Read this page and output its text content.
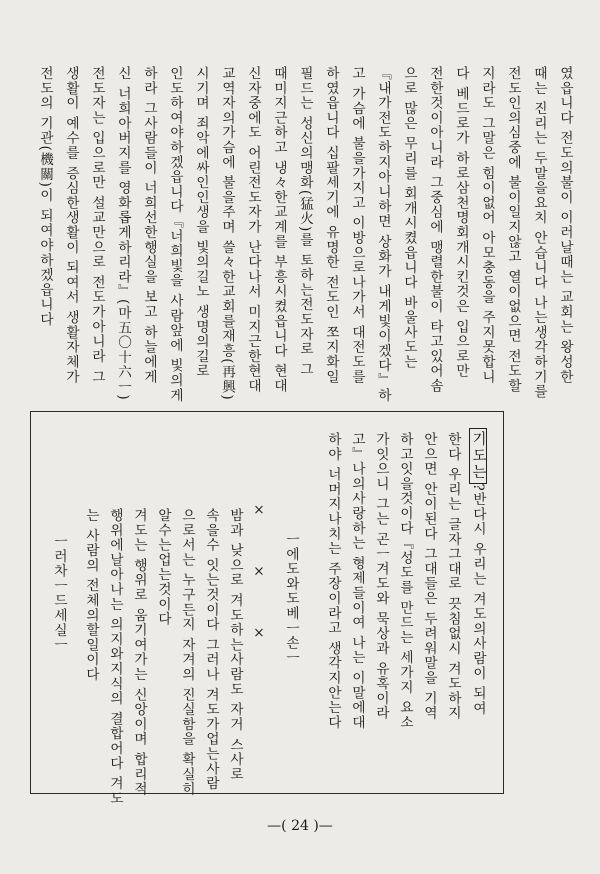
였읍니다 전도의불이 이러날때는 교회는 왕성한
때는 진리는 두말을요치 안습니다 나는생각하기를
전도인의심중에 불이일지않고 열이없으면 전도할
지라도 그말은 힘이없어 아모충동을 주지못합니
다 베드로가 하로삼천명회개시킨것은 입으로만
전한것이아니라 그중심에 맹렬한불이 타고있어솜
으로 많은 무리를 회개시켰읍니다 바울사도는
『내가전도하지아니하면 상화가 내게빛이겠다』하
고 가슴에 불을가지고 이방으로나가서 대전도를
하였읍니다 십팔세기에 유명한 전도인 쪼지화일
필드는 성신의맹화(猛火)를 토하는전도자로 그
때미지근하고 냉々한교계를 부흥시켰읍니다 현대
신자중에도 어린전도자가 난다나서 미지근한현대
교역자의가슴에 불을주며 쓸々한교회를재흥(再興)
시기며 죄악에싸인인생을 빛의길노 생명의길로
인도하여야하겠읍니다『너희빛을 사람앞에 빛의게
하라 그사람들이 너희선한행실을 보고 하늘에게
신 너희아버지를 영화롭게하리라』(마五〇十六ㅡ)
전도자는 입으로만 설교만으로 전도가아니라 그
생활이 예수를 증심한생활이 되여서 생활자체가
전도의 기관(機關)이 되여야하겠읍니다
기도는?반다시 우리는 겨도의사람이 되여
한다 우리는 글자그대로 끗침없시 겨도하지
안으면 안이된다 그대들은 두려워말을 기역
하고잇을것이다『성도를 만드는 세가지 요소
가잇으니 그는 곤ㅡ겨도와 묵상과 유혹이라
고』나의사랑하는 형제들이여 나는 이말에대
하야 너머지나치는 주장이라고 생각지안는다
ㅡ에도와도베ㅡ손ㅡ
×　　　×　　　×
밤과 낮으로 겨도하는사람도 자거 스사로
속을수 잇는것이다 그러나 겨도가업는사람
으로서는 누구든지 자겨의 진실함을 확실히
알수는업는것이다
겨도는 행위로 움기여가는 신앙이며 합리적
행위에날아나는 의지와지식의 결합어다 겨도
는 사람의 전체의할일이다
ㅡ러차ㅡ드세실ㅡ
—( 24 )—
